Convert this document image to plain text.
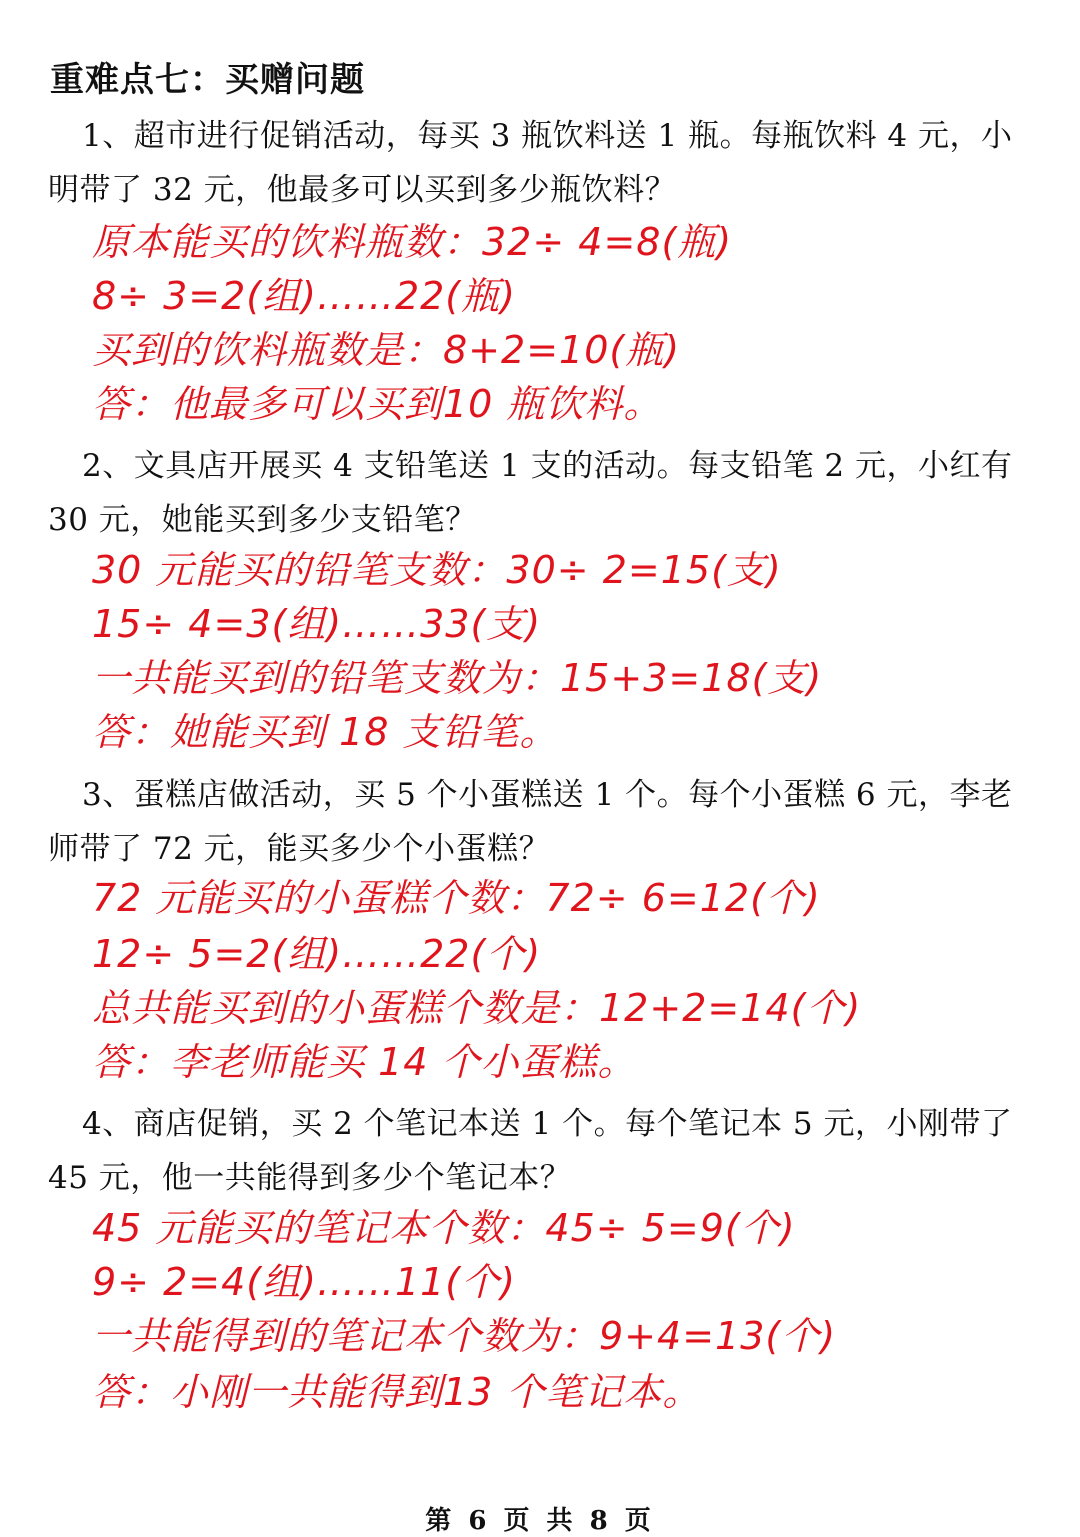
重难点七：买赠问题
1、超市进行促销活动，每买 3 瓶饮料送 1 瓶。每瓶饮料 4 元，小
明带了 32 元，他最多可以买到多少瓶饮料？
原本能买的饮料瓶数：32÷ 4=8(瓶)
8÷ 3=2(组)……22(瓶)
买到的饮料瓶数是：8+2=10(瓶)
答：他最多可以买到10 瓶饮料。
2、文具店开展买 4 支铅笔送 1 支的活动。每支铅笔 2 元，小红有
30 元，她能买到多少支铅笔？
30 元能买的铅笔支数：30÷ 2=15(支)
15÷ 4=3(组)……33(支)
一共能买到的铅笔支数为：15+3=18(支)
答：她能买到 18 支铅笔。
3、蛋糕店做活动，买 5 个小蛋糕送 1 个。每个小蛋糕 6 元，李老
师带了 72 元，能买多少个小蛋糕？
72 元能买的小蛋糕个数：72÷ 6=12(个)
12÷ 5=2(组)……22(个)
总共能买到的小蛋糕个数是：12+2=14(个)
答：李老师能买 14 个小蛋糕。
4、商店促销，买 2 个笔记本送 1 个。每个笔记本 5 元，小刚带了
45 元，他一共能得到多少个笔记本？
45 元能买的笔记本个数：45÷ 5=9(个)
9÷ 2=4(组)……11(个)
一共能得到的笔记本个数为：9+4=13(个)
答：小刚一共能得到13 个笔记本。
第 6 页 共 8 页
